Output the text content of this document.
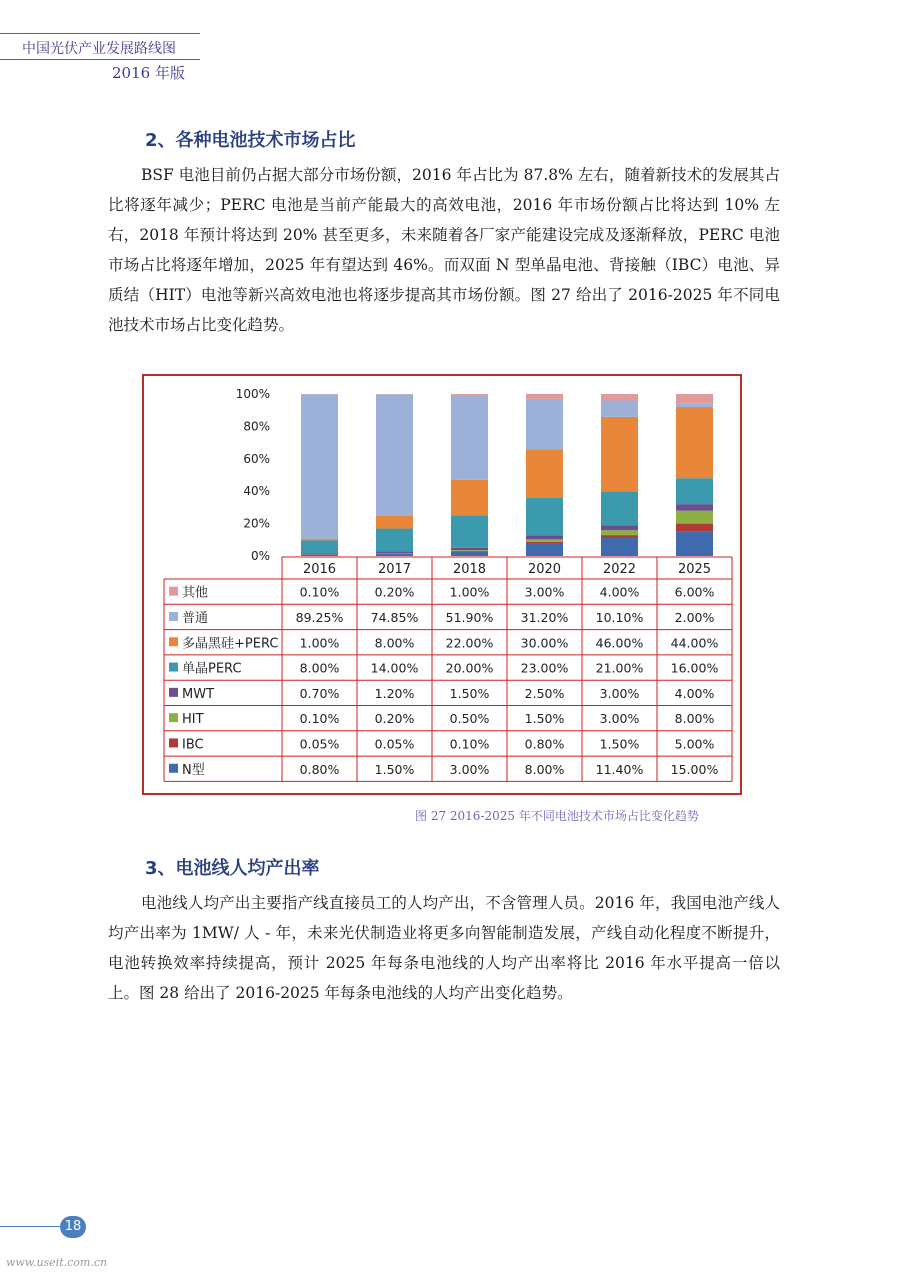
中国光伏产业发展路线图
2016 年版
2、各种电池技术市场占比

BSF 电池目前仍占据大部分市场份额，2016 年占比为 87.8% 左右，随着新技术的发展其占比将逐年减少；PERC 电池是当前产能最大的高效电池，2016 年市场份额占比将达到 10% 左右，2018 年预计将达到 20% 甚至更多，未来随着各厂家产能建设完成及逐渐释放，PERC 电池市场占比将逐年增加，2025 年有望达到 46%。而双面 N 型单晶电池、背接触（IBC）电池、异质结（HIT）电池等新兴高效电池也将逐步提高其市场份额。图 27 给出了 2016-2025 年不同电池技术市场占比变化趋势。

0%
20%
40%
60%
80%
100%
2016	2017	2018	2020	2022	2025
其他	0.10%	0.20%	1.00%	3.00%	4.00%	6.00%
普通	89.25% 74.85% 51.90% 31.20% 10.10%	2.00%
多晶黑硅+PERC 1.00%	8.00%	22.00% 30.00% 46.00% 44.00%
单晶PERC	8.00%	14.00% 20.00% 23.00% 21.00% 16.00%
MWT	0.70%	1.20%	1.50%	2.50%	3.00%	4.00%
HIT	0.10%	0.20%	0.50%	1.50%	3.00%	8.00%
IBC	0.05%	0.05%	0.10%	0.80%	1.50%	5.00%
N型	0.80%	1.50%	3.00%	8.00%	11.40% 15.00%
图 27 2016-2025 年不同电池技术市场占比变化趋势
3、电池线人均产出率

电池线人均产出主要指产线直接员工的人均产出，不含管理人员。2016 年，我国电池产线人均产出率为 1MW/ 人 - 年，未来光伏制造业将更多向智能制造发展，产线自动化程度不断提升，电池转换效率持续提高，预计 2025 年每条电池线的人均产出率将比 2016 年水平提高一倍以上。图 28 给出了 2016-2025 年每条电池线的人均产出变化趋势。

18
www.useit.com.cn
